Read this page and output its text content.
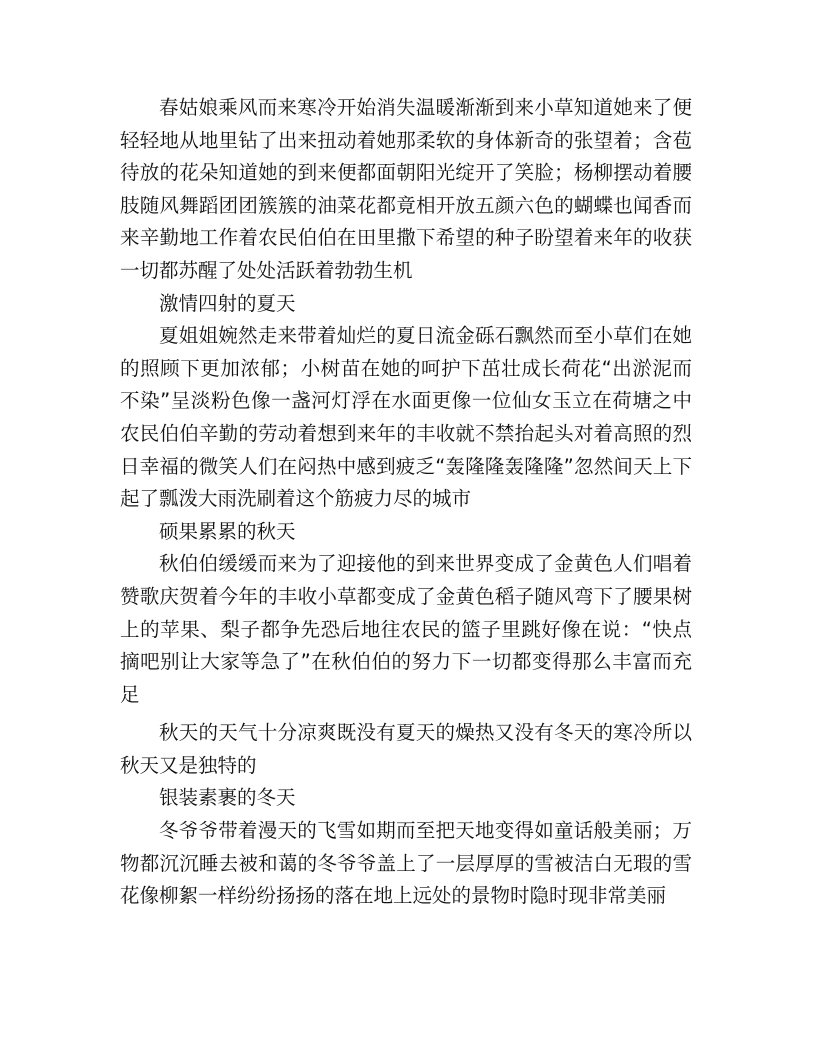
春姑娘乘风而来寒冷开始消失温暖渐渐到来小草知道她来了便轻轻地从地里钻了出来扭动着她那柔软的身体新奇的张望着；含苞待放的花朵知道她的到来便都面朝阳光绽开了笑脸；杨柳摆动着腰肢随风舞蹈团团簇簇的油菜花都竟相开放五颜六色的蝴蝶也闻香而来辛勤地工作着农民伯伯在田里撒下希望的种子盼望着来年的收获一切都苏醒了处处活跃着勃勃生机

激情四射的夏天

夏姐姐婉然走来带着灿烂的夏日流金砾石飘然而至小草们在她的照顾下更加浓郁；小树苗在她的呵护下茁壮成长荷花“出淤泥而不染”呈淡粉色像一盏河灯浮在水面更像一位仙女玉立在荷塘之中农民伯伯辛勤的劳动着想到来年的丰收就不禁抬起头对着高照的烈日幸福的微笑人们在闷热中感到疲乏“轰隆隆轰隆隆”忽然间天上下起了瓢泼大雨洗刷着这个筋疲力尽的城市

硕果累累的秋天

秋伯伯缓缓而来为了迎接他的到来世界变成了金黄色人们唱着赞歌庆贺着今年的丰收小草都变成了金黄色稻子随风弯下了腰果树上的苹果、梨子都争先恐后地往农民的篮子里跳好像在说：“快点摘吧别让大家等急了”在秋伯伯的努力下一切都变得那么丰富而充足

秋天的天气十分凉爽既没有夏天的燥热又没有冬天的寒冷所以秋天又是独特的

银装素裹的冬天

冬爷爷带着漫天的飞雪如期而至把天地变得如童话般美丽；万物都沉沉睡去被和蔼的冬爷爷盖上了一层厚厚的雪被洁白无瑕的雪花像柳絮一样纷纷扬扬的落在地上远处的景物时隐时现非常美丽
